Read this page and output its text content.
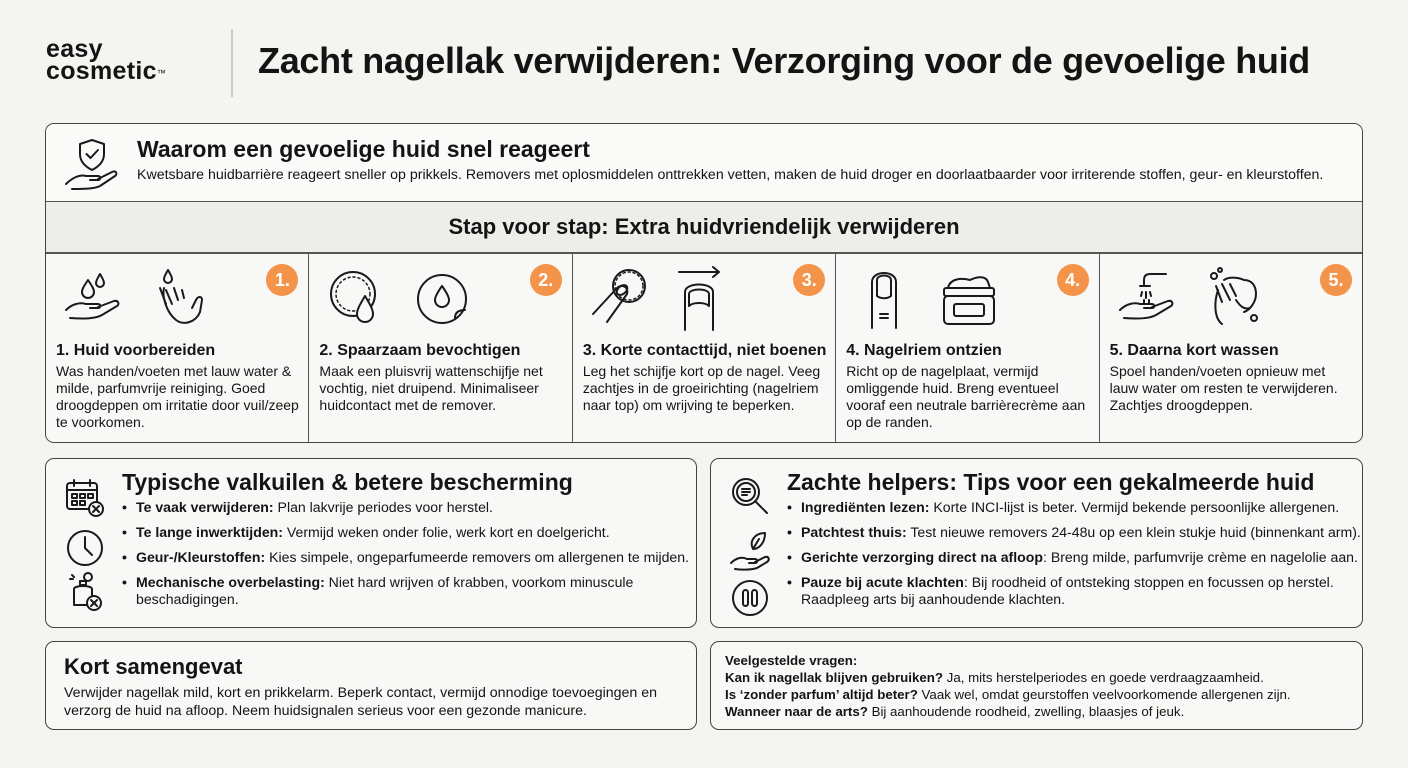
easy
cosmetic™	Zacht nagellak verwijderen: Verzorging voor de gevoelige huid
Waarom een gevoelige huid snel reageert
Kwetsbare huidbarrière reageert sneller op prikkels. Removers met oplosmiddelen onttrekken vetten, maken de huid droger en doorlaatbaarder voor irriterende stoffen, geur- en kleurstoffen.
Stap voor stap: Extra huidvriendelijk verwijderen
1.
1. Huid voorbereiden
Was handen/voeten met lauw water & milde, parfumvrije reiniging. Goed droogdeppen om irritatie door vuil/zeep te voorkomen.
2.
2. Spaarzaam bevochtigen
Maak een pluisvrij wattenschijfje net vochtig, niet druipend. Minimaliseer huidcontact met de remover.
3.
3. Korte contacttijd, niet boenen
Leg het schijfje kort op de nagel. Veeg zachtjes in de groeirichting (nagelriem naar top) om wrijving te beperken.
4.
4. Nagelriem ontzien
Richt op de nagelplaat, vermijd omliggende huid. Breng eventueel vooraf een neutrale barrièrecrème aan op de randen.
5.
5. Daarna kort wassen
Spoel handen/voeten opnieuw met lauw water om resten te verwijderen. Zachtjes droogdeppen.
Typische valkuilen & betere bescherming
• Te vaak verwijderen: Plan lakvrije periodes voor herstel.
• Te lange inwerktijden: Vermijd weken onder folie, werk kort en doelgericht.
• Geur-/Kleurstoffen: Kies simpele, ongeparfumeerde removers om allergenen te mijden.
• Mechanische overbelasting: Niet hard wrijven of krabben, voorkom minuscule beschadigingen.
Zachte helpers: Tips voor een gekalmeerde huid
• Ingrediënten lezen: Korte INCI-lijst is beter. Vermijd bekende persoonlijke allergenen.
• Patchtest thuis: Test nieuwe removers 24-48u op een klein stukje huid (binnenkant arm).
• Gerichte verzorging direct na afloop: Breng milde, parfumvrije crème en nagelolie aan.
• Pauze bij acute klachten: Bij roodheid of ontsteking stoppen en focussen op herstel. Raadpleeg arts bij aanhoudende klachten.
Kort samengevat
Verwijder nagellak mild, kort en prikkelarm. Beperk contact, vermijd onnodige toevoegingen en verzorg de huid na afloop. Neem huidsignalen serieus voor een gezonde manicure.
Veelgestelde vragen:
Kan ik nagellak blijven gebruiken? Ja, mits herstelperiodes en goede verdraagzaamheid.
Is ‘zonder parfum’ altijd beter? Vaak wel, omdat geurstoffen veelvoorkomende allergenen zijn.
Wanneer naar de arts? Bij aanhoudende roodheid, zwelling, blaasjes of jeuk.
